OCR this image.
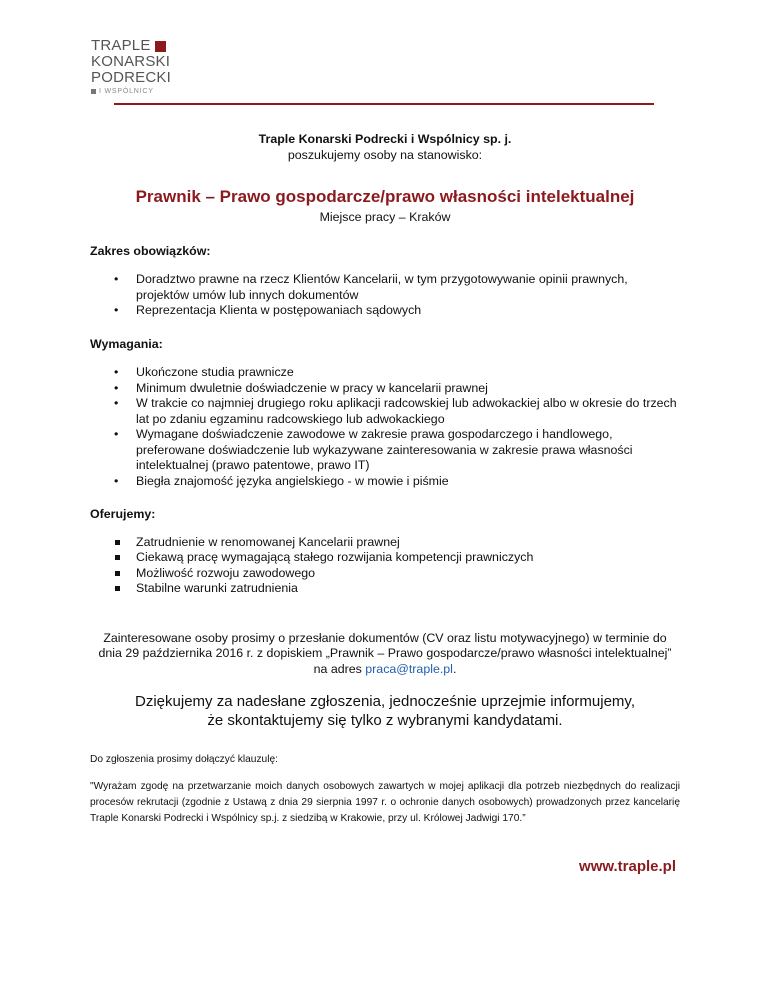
TRAPLE
KONARSKI
PODRECKI
I WSPÓLNICY
Traple Konarski Podrecki i Wspólnicy sp. j.
poszukujemy osoby na stanowisko:
Prawnik – Prawo gospodarcze/prawo własności intelektualnej
Miejsce pracy – Kraków
Zakres obowiązków:
• Doradztwo prawne na rzecz Klientów Kancelarii, w tym przygotowywanie opinii prawnych, projektów umów lub innych dokumentów
• Reprezentacja Klienta w postępowaniach sądowych
Wymagania:
• Ukończone studia prawnicze
• Minimum dwuletnie doświadczenie w pracy w kancelarii prawnej
• W trakcie co najmniej drugiego roku aplikacji radcowskiej lub adwokackiej albo w okresie do trzech lat po zdaniu egzaminu radcowskiego lub adwokackiego
• Wymagane doświadczenie zawodowe w zakresie prawa gospodarczego i handlowego, preferowane doświadczenie lub wykazywane zainteresowania w zakresie prawa własności intelektualnej (prawo patentowe, prawo IT)
• Biegła znajomość języka angielskiego - w mowie i piśmie
Oferujemy:
Zatrudnienie w renomowanej Kancelarii prawnej
Ciekawą pracę wymagającą stałego rozwijania kompetencji prawniczych
Możliwość rozwoju zawodowego
Stabilne warunki zatrudnienia
Zainteresowane osoby prosimy o przesłanie dokumentów (CV oraz listu motywacyjnego) w terminie do dnia 29 października 2016 r. z dopiskiem „Prawnik – Prawo gospodarcze/prawo własności intelektualnej” na adres praca@traple.pl.
Dziękujemy za nadesłane zgłoszenia, jednocześnie uprzejmie informujemy,
że skontaktujemy się tylko z wybranymi kandydatami.
Do zgłoszenia prosimy dołączyć klauzulę:
"Wyrażam zgodę na przetwarzanie moich danych osobowych zawartych w mojej aplikacji dla potrzeb niezbędnych do realizacji procesów rekrutacji (zgodnie z Ustawą z dnia 29 sierpnia 1997 r. o ochronie danych osobowych) prowadzonych przez kancelarię Traple Konarski Podrecki i Wspólnicy sp.j. z siedzibą w Krakowie, przy ul. Królowej Jadwigi 170.”
www.traple.pl
